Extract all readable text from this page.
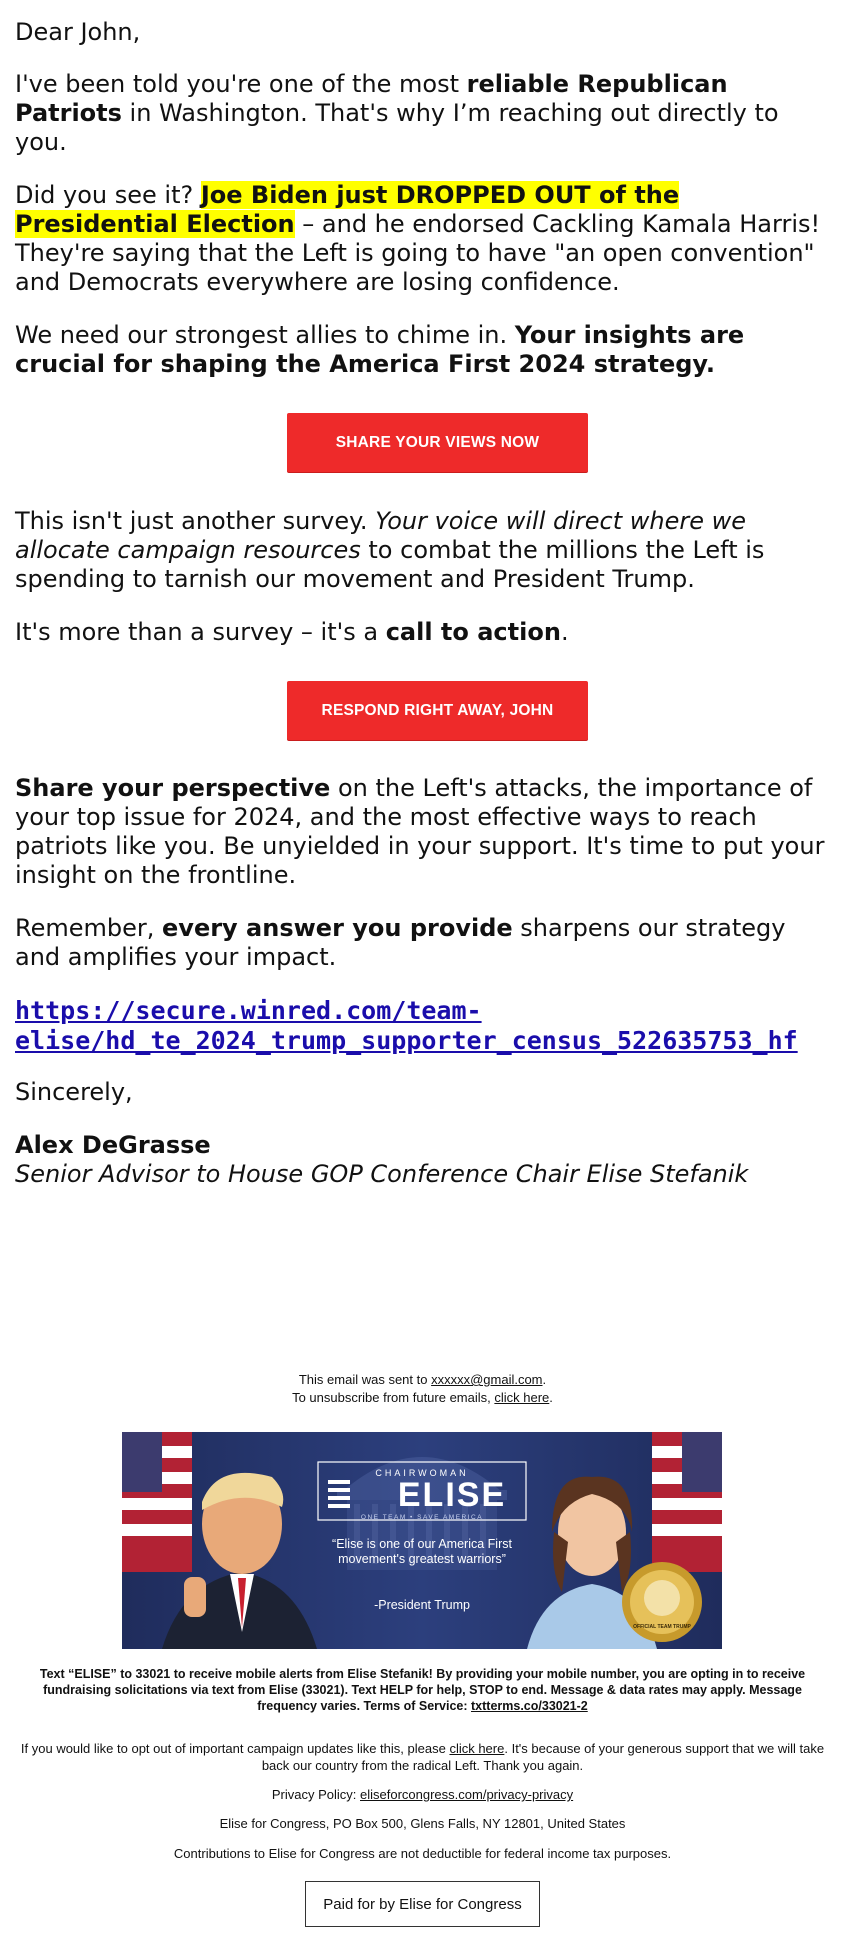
Dear John,

I've been told you're one of the most reliable Republican Patriots in Washington. That's why I’m reaching out directly to you.

Did you see it? Joe Biden just DROPPED OUT of the Presidential Election – and he endorsed Cackling Kamala Harris! They're saying that the Left is going to have "an open convention" and Democrats everywhere are losing confidence.

We need our strongest allies to chime in. Your insights are crucial for shaping the America First 2024 strategy.

SHARE YOUR VIEWS NOW

This isn't just another survey. Your voice will direct where we allocate campaign resources to combat the millions the Left is spending to tarnish our movement and President Trump.

It's more than a survey – it's a call to action.

RESPOND RIGHT AWAY, JOHN

Share your perspective on the Left's attacks, the importance of your top issue for 2024, and the most effective ways to reach patriots like you. Be unyielded in your support. It's time to put your insight on the frontline.

Remember, every answer you provide sharpens our strategy and amplifies your impact.

https://secure.winred.com/team-
elise/hd_te_2024_trump_supporter_census_522635753_hf

Sincerely,

Alex DeGrasse
Senior Advisor to House GOP Conference Chair Elise Stefanik

This email was sent to xxxxxx@gmail.com.
To unsubscribe from future emails, click here.
CHAIRWOMAN
ELISE
ONE TEAM • SAVE AMERICA
“Elise is one of our America First movement's greatest warriors”
-President Trump
OFFICIAL TEAM TRUMP
Text “ELISE” to 33021 to receive mobile alerts from Elise Stefanik! By providing your mobile number, you are opting in to receive fundraising solicitations via text from Elise (33021). Text HELP for help, STOP to end. Message & data rates may apply. Message frequency varies. Terms of Service: txtterms.co/33021-2
If you would like to opt out of important campaign updates like this, please click here. It's because of your generous support that we will take back our country from the radical Left. Thank you again.
Privacy Policy: eliseforcongress.com/privacy-privacy
Elise for Congress, PO Box 500, Glens Falls, NY 12801, United States
Contributions to Elise for Congress are not deductible for federal income tax purposes.
Paid for by Elise for Congress
